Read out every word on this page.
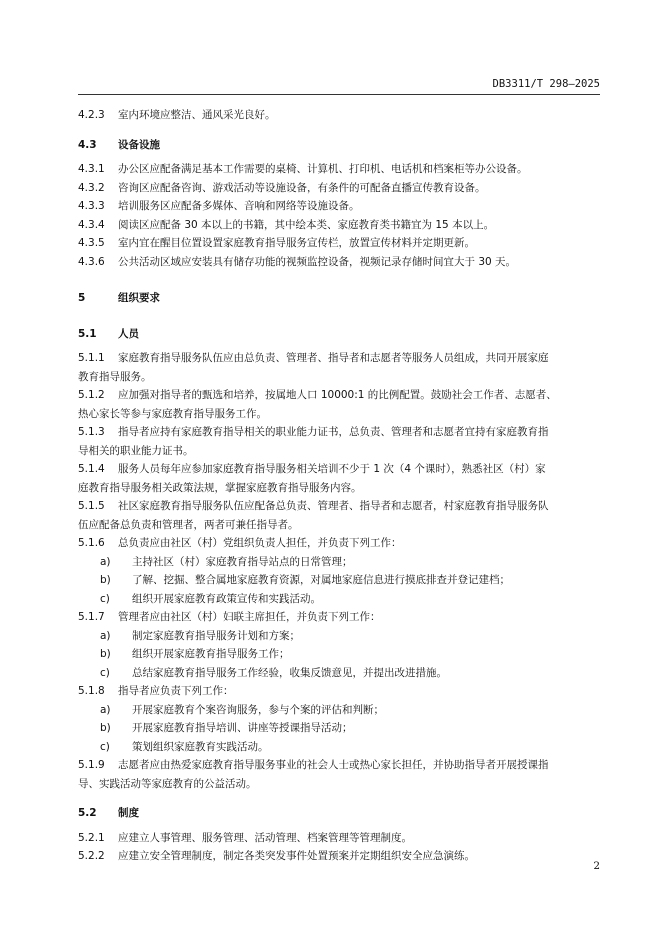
DB3311/T 298—2025
4.2.3 室内环境应整洁、通风采光良好。
4.3 设备设施
4.3.1 办公区应配备满足基本工作需要的桌椅、计算机、打印机、电话机和档案柜等办公设备。
4.3.2 咨询区应配备咨询、游戏活动等设施设备，有条件的可配备直播宣传教育设备。
4.3.3 培训服务区应配备多媒体、音响和网络等设施设备。
4.3.4 阅读区应配备 30 本以上的书籍，其中绘本类、家庭教育类书籍宜为 15 本以上。
4.3.5 室内宜在醒目位置设置家庭教育指导服务宣传栏，放置宣传材料并定期更新。
4.3.6 公共活动区域应安装具有储存功能的视频监控设备，视频记录存储时间宜大于 30 天。
5	组织要求
5.1 人员
5.1.1 家庭教育指导服务队伍应由总负责、管理者、指导者和志愿者等服务人员组成，共同开展家庭
教育指导服务。
5.1.2 应加强对指导者的甄选和培养，按属地人口 10000:1 的比例配置。鼓励社会工作者、志愿者、
热心家长等参与家庭教育指导服务工作。
5.1.3 指导者应持有家庭教育指导相关的职业能力证书，总负责、管理者和志愿者宜持有家庭教育指
导相关的职业能力证书。
5.1.4 服务人员每年应参加家庭教育指导服务相关培训不少于 1 次（4 个课时），熟悉社区（村）家
庭教育指导服务相关政策法规，掌握家庭教育指导服务内容。
5.1.5 社区家庭教育指导服务队伍应配备总负责、管理者、指导者和志愿者，村家庭教育指导服务队
伍应配备总负责和管理者，两者可兼任指导者。
5.1.6 总负责应由社区（村）党组织负责人担任，并负责下列工作：
a) 主持社区（村）家庭教育指导站点的日常管理；
b) 了解、挖掘、整合属地家庭教育资源，对属地家庭信息进行摸底排查并登记建档；
c) 组织开展家庭教育政策宣传和实践活动。
5.1.7 管理者应由社区（村）妇联主席担任，并负责下列工作：
a) 制定家庭教育指导服务计划和方案；
b) 组织开展家庭教育指导服务工作；
c) 总结家庭教育指导服务工作经验，收集反馈意见，并提出改进措施。
5.1.8 指导者应负责下列工作：
a) 开展家庭教育个案咨询服务，参与个案的评估和判断；
b) 开展家庭教育指导培训、讲座等授课指导活动；
c) 策划组织家庭教育实践活动。
5.1.9 志愿者应由热爱家庭教育指导服务事业的社会人士或热心家长担任，并协助指导者开展授课指
导、实践活动等家庭教育的公益活动。
5.2 制度
5.2.1 应建立人事管理、服务管理、活动管理、档案管理等管理制度。
5.2.2 应建立安全管理制度，制定各类突发事件处置预案并定期组织安全应急演练。
2
